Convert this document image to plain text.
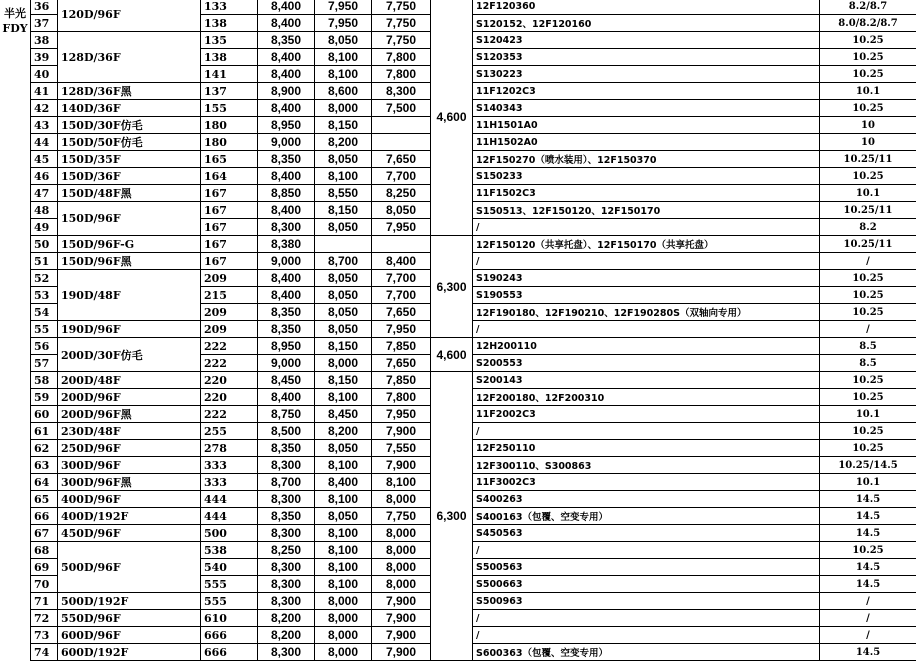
半光FDY
36	120D/96F	133	8,400	7,950	7,750	4,600	12F120360	8.2/8.7
37		138	8,400	7,950	7,750		S120152、12F120160	8.0/8.2/8.7
38	128D/36F	135	8,350	8,050	7,750		S120423	10.25
39		138	8,400	8,100	7,800		S120353	10.25
40		141	8,400	8,100	7,800		S130223	10.25
41	128D/36F黑	137	8,900	8,600	8,300		11F1202C3	10.1
42	140D/36F	155	8,400	8,000	7,500		S140343	10.25
43	150D/30F仿毛	180	8,950	8,150			11H1501A0	10
44	150D/50F仿毛	180	9,000	8,200			11H1502A0	10
45	150D/35F	165	8,350	8,050	7,650		12F150270（喷水装用）、12F150370	10.25/11
46	150D/36F	164	8,400	8,100	7,700		S150233	10.25
47	150D/48F黑	167	8,850	8,550	8,250		11F1502C3	10.1
48	150D/96F	167	8,400	8,150	8,050		S150513、12F150120、12F150170	10.25/11
49		167	8,300	8,050	7,950		/	8.2
50	150D/96F-G	167	8,380			6,300	12F150120（共享托盘）、12F150170（共享托盘）	10.25/11
51	150D/96F黑	167	9,000	8,700	8,400		/	/
52	190D/48F	209	8,400	8,050	7,700		S190243	10.25
53		215	8,400	8,050	7,700		S190553	10.25
54		209	8,350	8,050	7,650		12F190180、12F190210、12F190280S（双轴向专用）	10.25
55	190D/96F	209	8,350	8,050	7,950		/	/
56	200D/30F仿毛	222	8,950	8,150	7,850	4,600	12H200110	8.5
57		222	9,000	8,000	7,650		S200553	8.5
58	200D/48F	220	8,450	8,150	7,850	6,300	S200143	10.25
59	200D/96F	220	8,400	8,100	7,800		12F200180、12F200310	10.25
60	200D/96F黑	222	8,750	8,450	7,950		11F2002C3	10.1
61	230D/48F	255	8,500	8,200	7,900		/	10.25
62	250D/96F	278	8,350	8,050	7,550		12F250110	10.25
63	300D/96F	333	8,300	8,100	7,900		12F300110、S300863	10.25/14.5
64	300D/96F黑	333	8,700	8,400	8,100		11F3002C3	10.1
65	400D/96F	444	8,300	8,100	8,000		S400263	14.5
66	400D/192F	444	8,350	8,050	7,750		S400163（包覆、空变专用）	14.5
67	450D/96F	500	8,300	8,100	8,000		S450563	14.5
68	500D/96F	538	8,250	8,100	8,000		/	10.25
69		540	8,300	8,100	8,000		S500563	14.5
70		555	8,300	8,100	8,000		S500663	14.5
71	500D/192F	555	8,300	8,000	7,900		S500963	/
72	550D/96F	610	8,200	8,000	7,900		/	/
73	600D/96F	666	8,200	8,000	7,900		/	/
74	600D/192F	666	8,300	8,000	7,900		S600363（包覆、空变专用）	14.5
